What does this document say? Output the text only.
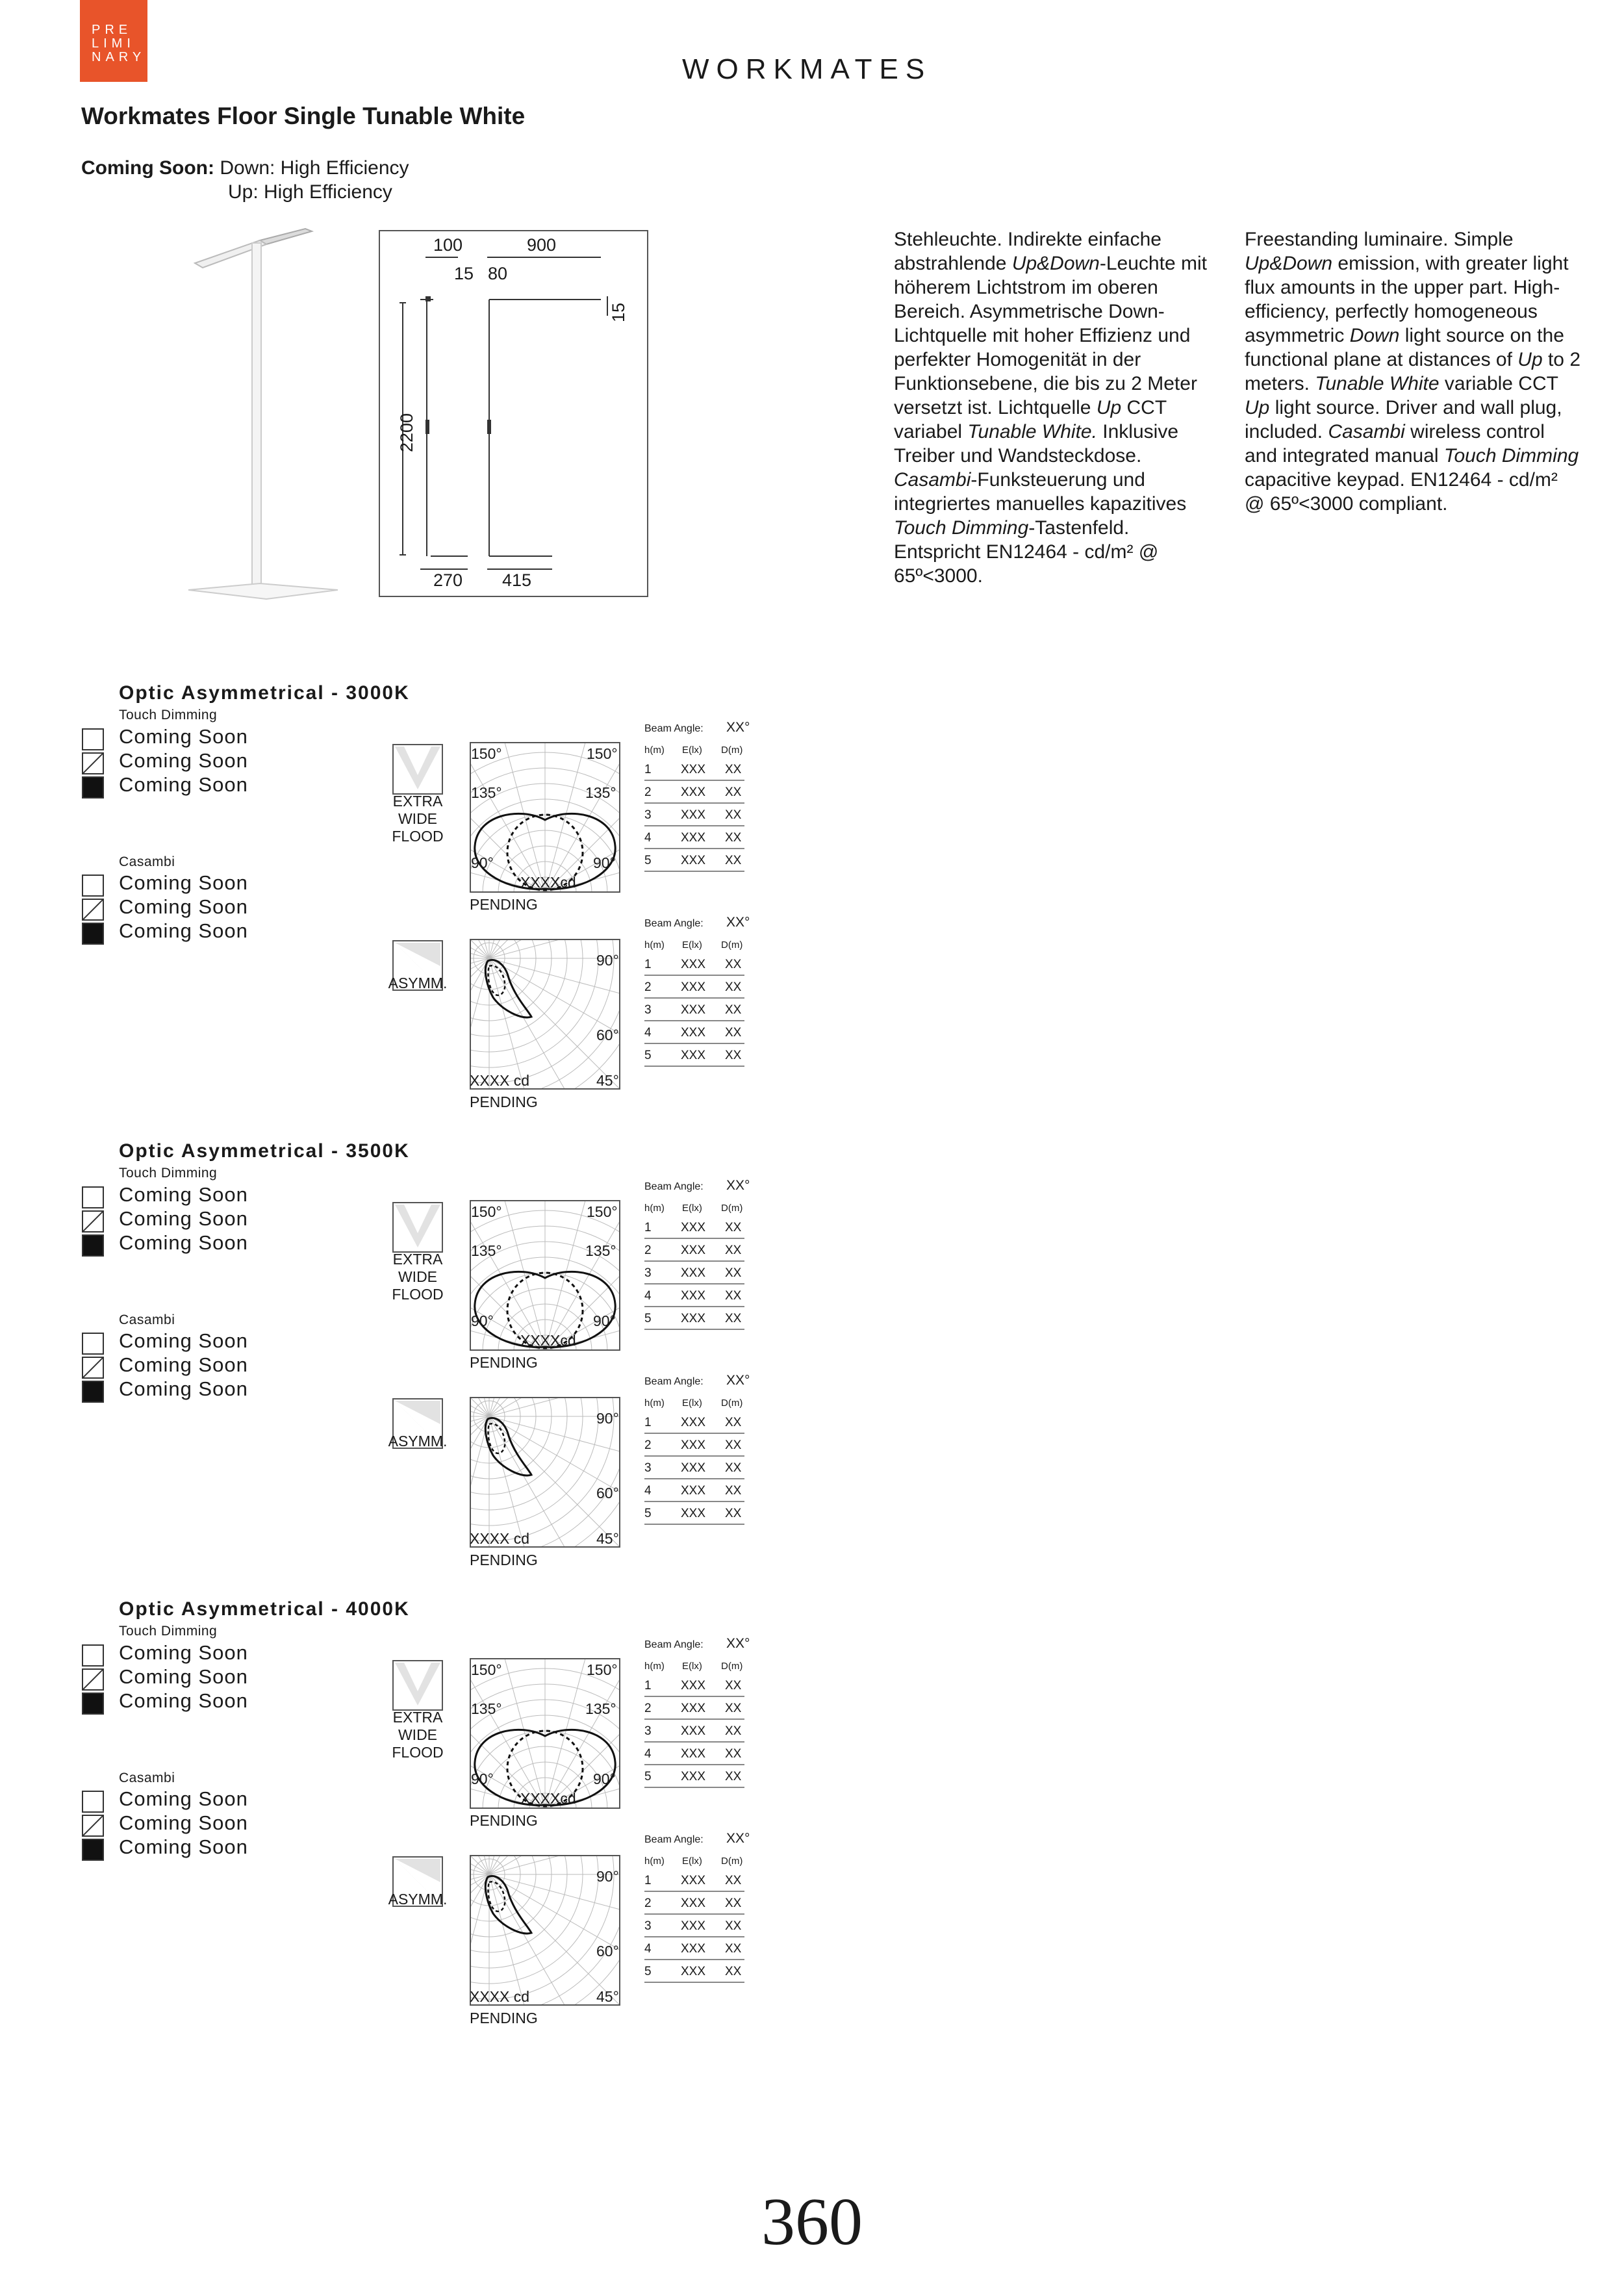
PRE
LIMI
NARY	WORKMATES
Workmates Floor Single Tunable White
Coming Soon: Down: High Efficiency
Up: High Efficiency
100	900
15 80
15
2200
270 415
Stehleuchte. Indirekte einfache abstrahlende Up&Down-Leuchte mit höherem Lichtstrom im oberen Bereich. Asymmetrische Down-Lichtquelle mit hoher Effizienz und perfekter Homogenität in der Funktionsebene, die bis zu 2 Meter versetzt ist. Lichtquelle Up CCT variabel Tunable White. Inklusive Treiber und Wandsteckdose. Casambi-Funksteuerung und integriertes manuelles kapazitives Touch Dimming-Tastenfeld. Entspricht EN12464 - cd/m² @ 65º<3000.
Freestanding luminaire. Simple Up&Down emission, with greater light flux amounts in the upper part. High-efficiency, perfectly homogeneous asymmetric Down light source on the functional plane at distances of Up to 2 meters. Tunable White variable CCT Up light source. Driver and wall plug, included. Casambi wireless control and integrated manual Touch Dimming capacitive keypad. EN12464 - cd/m² @ 65º<3000 compliant.
Optic Asymmetrical - 3000K
Touch Dimming
Coming Soon
Coming Soon
Coming Soon
Casambi
Coming Soon
Coming Soon
Coming Soon
EXTRA
WIDE
FLOOD
ASYMM.
150°	150°
135°	135°
90°	90°
XXXXcd
PENDING
90°
60°
45°
XXXX cd
PENDING
Beam Angle: XX°
h(m) E(lx) D(m)
1 XXX XX
2 XXX XX
3 XXX XX
4 XXX XX
5 XXX XX
Beam Angle: XX°
h(m) E(lx) D(m)
1 XXX XX
2 XXX XX
3 XXX XX
4 XXX XX
5 XXX XX
Optic Asymmetrical - 3500K
Touch Dimming
Coming Soon
Coming Soon
Coming Soon
Casambi
Coming Soon
Coming Soon
Coming Soon
EXTRA
WIDE
FLOOD
ASYMM.
150°	150°
135°	135°
90°	90°
XXXXcd
PENDING
90°
60°
45°
XXXX cd
PENDING
Beam Angle: XX°
h(m) E(lx) D(m)
1 XXX XX
2 XXX XX
3 XXX XX
4 XXX XX
5 XXX XX
Beam Angle: XX°
h(m) E(lx) D(m)
1 XXX XX
2 XXX XX
3 XXX XX
4 XXX XX
5 XXX XX
Optic Asymmetrical - 4000K
Touch Dimming
Coming Soon
Coming Soon
Coming Soon
Casambi
Coming Soon
Coming Soon
Coming Soon
EXTRA
WIDE
FLOOD
ASYMM.
150°	150°
135°	135°
90°	90°
XXXXcd
PENDING
90°
60°
45°
XXXX cd
PENDING
Beam Angle: XX°
h(m) E(lx) D(m)
1 XXX XX
2 XXX XX
3 XXX XX
4 XXX XX
5 XXX XX
Beam Angle: XX°
h(m) E(lx) D(m)
1 XXX XX
2 XXX XX
3 XXX XX
4 XXX XX
5 XXX XX
360
